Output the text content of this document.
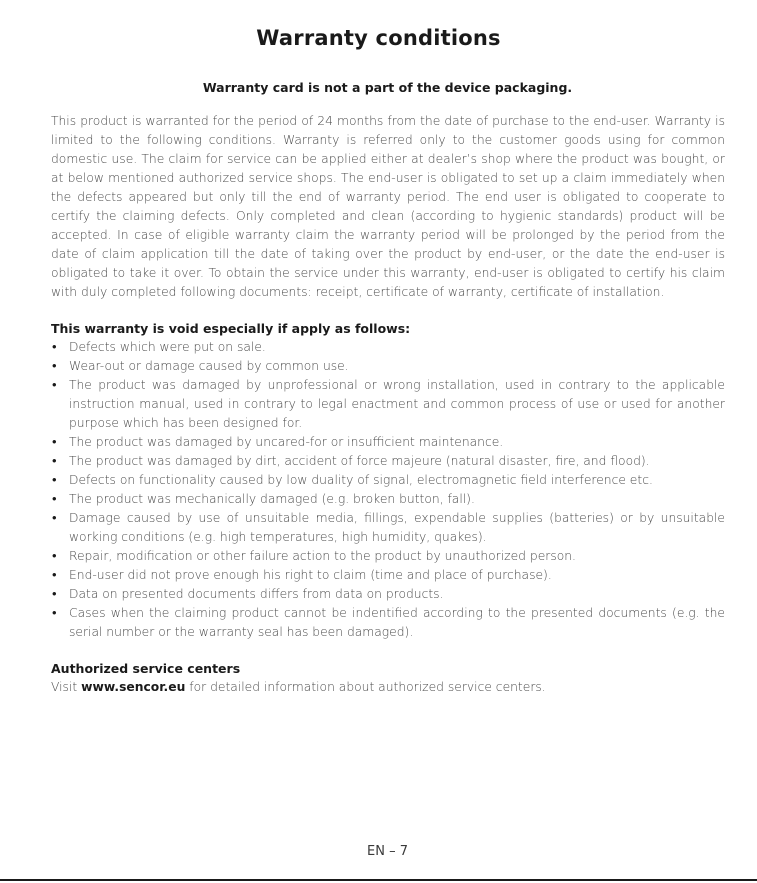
Warranty conditions
Warranty card is not a part of the device packaging.

This product is warranted for the period of 24 months from the date of purchase to the end-user. Warranty is limited to the following conditions. Warranty is referred only to the customer goods using for common domestic use. The claim for service can be applied either at dealer’s shop where the product was bought, or at below mentioned authorized service shops. The end-user is obligated to set up a claim immediately when the defects appeared but only till the end of warranty period. The end user is obligated to cooperate to certify the claiming defects. Only completed and clean (according to hygienic standards) product will be accepted. In case of eligible warranty claim the warranty period will be prolonged by the period from the date of claim application till the date of taking over the product by end-user, or the date the end-user is obligated to take it over. To obtain the service under this warranty, end-user is obligated to certify his claim with duly completed following documents: receipt, certificate of warranty, certificate of installation.

This warranty is void especially if apply as follows:
• Defects which were put on sale.
• Wear-out or damage caused by common use.
• The product was damaged by unprofessional or wrong installation, used in contrary to the applicable instruction manual, used in contrary to legal enactment and common process of use or used for another purpose which has been designed for.
• The product was damaged by uncared-for or insufficient maintenance.
• The product was damaged by dirt, accident of force majeure (natural disaster, fire, and flood).
• Defects on functionality caused by low duality of signal, electromagnetic field interference etc.
• The product was mechanically damaged (e.g. broken button, fall).
• Damage caused by use of unsuitable media, fillings, expendable supplies (batteries) or by unsuitable working conditions (e.g. high temperatures, high humidity, quakes).
• Repair, modification or other failure action to the product by unauthorized person.
• End-user did not prove enough his right to claim (time and place of purchase).
• Data on presented documents differs from data on products.
• Cases when the claiming product cannot be indentified according to the presented documents (e.g. the serial number or the warranty seal has been damaged).
Authorized service centers

Visit www.sencor.eu for detailed information about authorized service centers.

EN – 7
